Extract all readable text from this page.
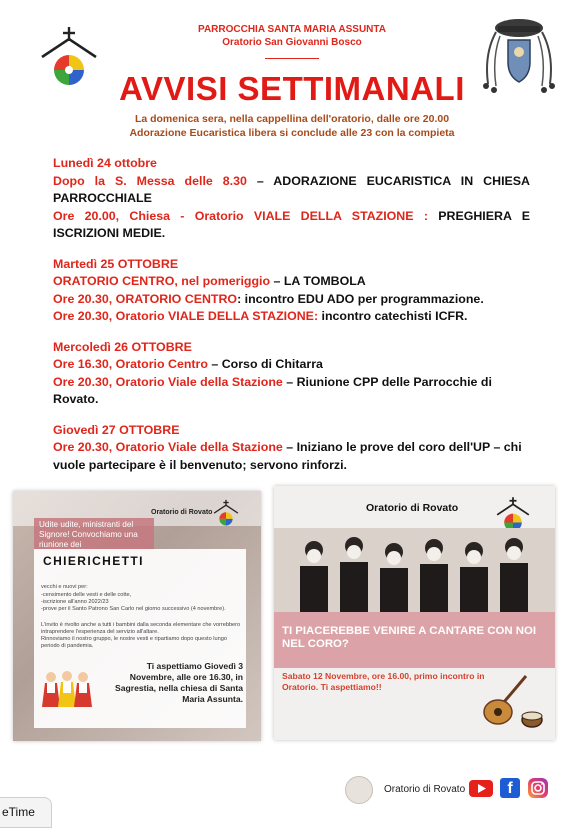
PARROCCHIA SANTA MARIA ASSUNTA
Oratorio San Giovanni Bosco
AVVISI SETTIMANALI
La domenica sera, nella cappellina dell'oratorio, dalle ore 20.00
Adorazione Eucaristica libera si conclude alle 23 con la compieta
Lunedì 24 ottobre
Dopo la S. Messa delle 8.30 – ADORAZIONE EUCARISTICA IN CHIESA PARROCCHIALE
Ore 20.00, Chiesa - Oratorio VIALE DELLA STAZIONE : PREGHIERA E ISCRIZIONI MEDIE.
Martedì 25 OTTOBRE
ORATORIO CENTRO, nel pomeriggio – LA TOMBOLA
Ore 20.30, ORATORIO CENTRO: incontro EDU ADO per programmazione.
Ore 20.30, Oratorio VIALE DELLA STAZIONE: incontro catechisti ICFR.
Mercoledì 26 OTTOBRE
Ore 16.30, Oratorio Centro – Corso di Chitarra
Ore 20.30, Oratorio Viale della Stazione – Riunione CPP delle Parrocchie di Rovato.
Giovedì 27 OTTOBRE
Ore 20.30, Oratorio Viale della Stazione – Iniziano le prove del coro dell'UP – chi vuole partecipare è il benvenuto; servono rinforzi.
Oratorio di Rovato
Udite udite, ministranti del Signore! Convochiamo una riunione dei
CHIERICHETTI
vecchi e nuovi per:
-censimento delle vesti e delle cotte,
-iscrizione all'anno 2022/23
-prove per il Santo Patrono San Carlo nel giorno successivo (4 novembre).
L'invito è rivolto anche a tutti i bambini dalla seconda elementare che vorrebbero intraprendere l'esperienza del servizio all'altare.
Rinnoviamo il nostro gruppo, le nostre vesti e ripartiamo dopo questo lungo periodo di pandemia.
Ti aspettiamo Giovedì 3 Novembre, alle ore 16.30, in Sagrestia, nella chiesa di Santa Maria Assunta.
Oratorio di Rovato
TI PIACEREBBE VENIRE A CANTARE CON NOI NEL CORO?
Sabato 12 Novembre, ore 16.00, primo incontro in Oratorio. Ti aspettiamo!!
Oratorio di Rovato	f
eTime
